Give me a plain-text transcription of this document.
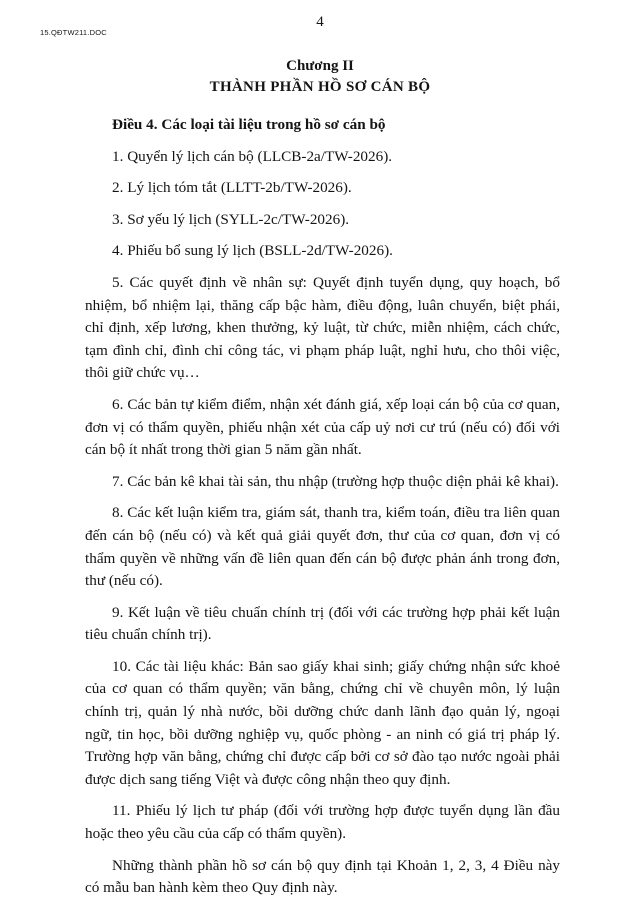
15.QĐTW211.DOC
4
Chương II
THÀNH PHẦN HỒ SƠ CÁN BỘ

Điều 4. Các loại tài liệu trong hồ sơ cán bộ

1. Quyển lý lịch cán bộ (LLCB-2a/TW-2026).

2. Lý lịch tóm tắt (LLTT-2b/TW-2026).

3. Sơ yếu lý lịch (SYLL-2c/TW-2026).

4. Phiếu bổ sung lý lịch (BSLL-2d/TW-2026).

5. Các quyết định về nhân sự: Quyết định tuyển dụng, quy hoạch, bổ nhiệm, bổ nhiệm lại, thăng cấp bậc hàm, điều động, luân chuyển, biệt phái, chỉ định, xếp lương, khen thưởng, kỷ luật, từ chức, miễn nhiệm, cách chức, tạm đình chỉ, đình chỉ công tác, vi phạm pháp luật, nghỉ hưu, cho thôi việc, thôi giữ chức vụ…

6. Các bản tự kiểm điểm, nhận xét đánh giá, xếp loại cán bộ của cơ quan, đơn vị có thẩm quyền, phiếu nhận xét của cấp uỷ nơi cư trú (nếu có) đối với cán bộ ít nhất trong thời gian 5 năm gần nhất.

7. Các bản kê khai tài sản, thu nhập (trường hợp thuộc diện phải kê khai).

8. Các kết luận kiểm tra, giám sát, thanh tra, kiểm toán, điều tra liên quan đến cán bộ (nếu có) và kết quả giải quyết đơn, thư của cơ quan, đơn vị có thẩm quyền về những vấn đề liên quan đến cán bộ được phản ánh trong đơn, thư (nếu có).

9. Kết luận về tiêu chuẩn chính trị (đối với các trường hợp phải kết luận tiêu chuẩn chính trị).

10. Các tài liệu khác: Bản sao giấy khai sinh; giấy chứng nhận sức khoẻ của cơ quan có thẩm quyền; văn bằng, chứng chỉ về chuyên môn, lý luận chính trị, quản lý nhà nước, bồi dưỡng chức danh lãnh đạo quản lý, ngoại ngữ, tin học, bồi dưỡng nghiệp vụ, quốc phòng - an ninh có giá trị pháp lý. Trường hợp văn bằng, chứng chỉ được cấp bởi cơ sở đào tạo nước ngoài phải được dịch sang tiếng Việt và được công nhận theo quy định.

11. Phiếu lý lịch tư pháp (đối với trường hợp được tuyển dụng lần đầu hoặc theo yêu cầu của cấp có thẩm quyền).

Những thành phần hồ sơ cán bộ quy định tại Khoản 1, 2, 3, 4 Điều này có mẫu ban hành kèm theo Quy định này.
